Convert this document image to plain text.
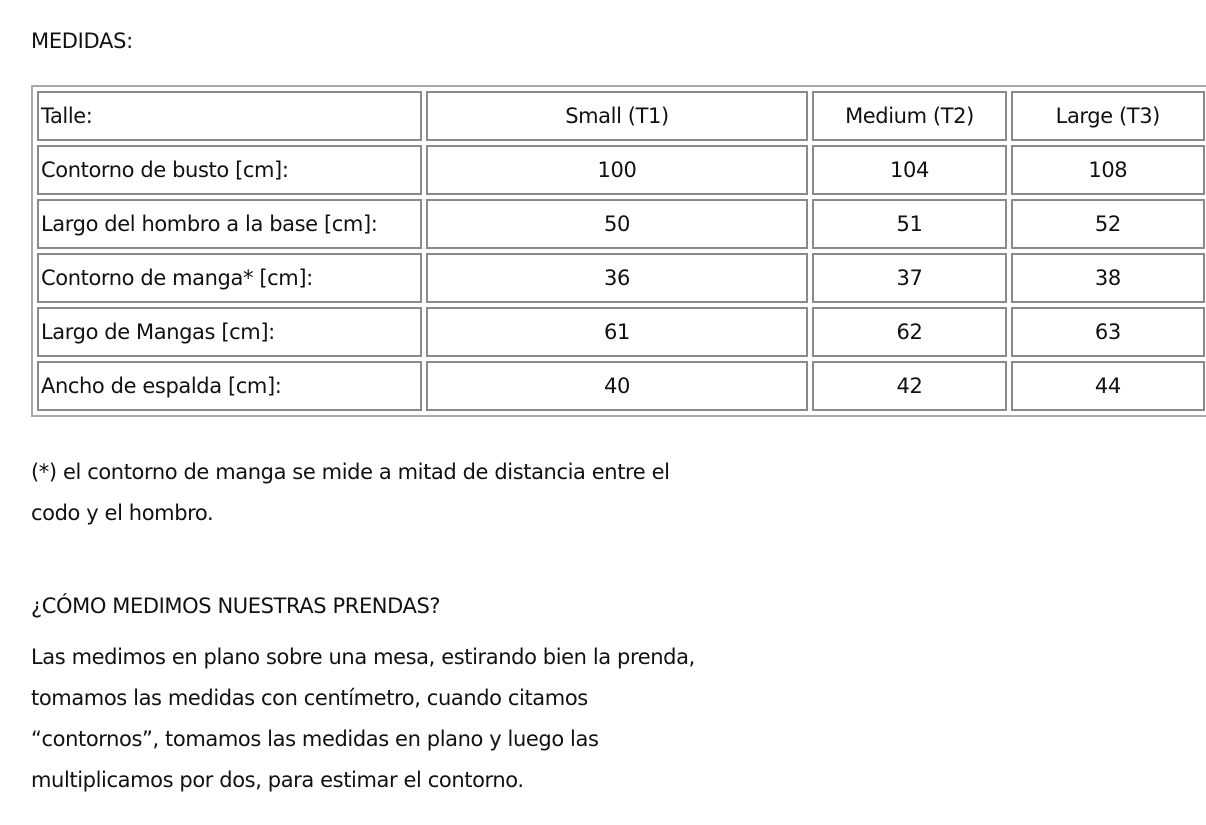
MEDIDAS:
Talle:	Small (T1)	Medium (T2)	Large (T3)
Contorno de busto [cm]:	100	104	108
Largo del hombro a la base [cm]:	50	51	52
Contorno de manga* [cm]:	36	37	38
Largo de Mangas [cm]:	61	62	63
Ancho de espalda [cm]:	40	42	44
(*) el contorno de manga se mide a mitad de distancia entre el
codo y el hombro.
¿CÓMO MEDIMOS NUESTRAS PRENDAS?
Las medimos en plano sobre una mesa, estirando bien la prenda,
tomamos las medidas con centímetro, cuando citamos
“contornos”, tomamos las medidas en plano y luego las
multiplicamos por dos, para estimar el contorno.
